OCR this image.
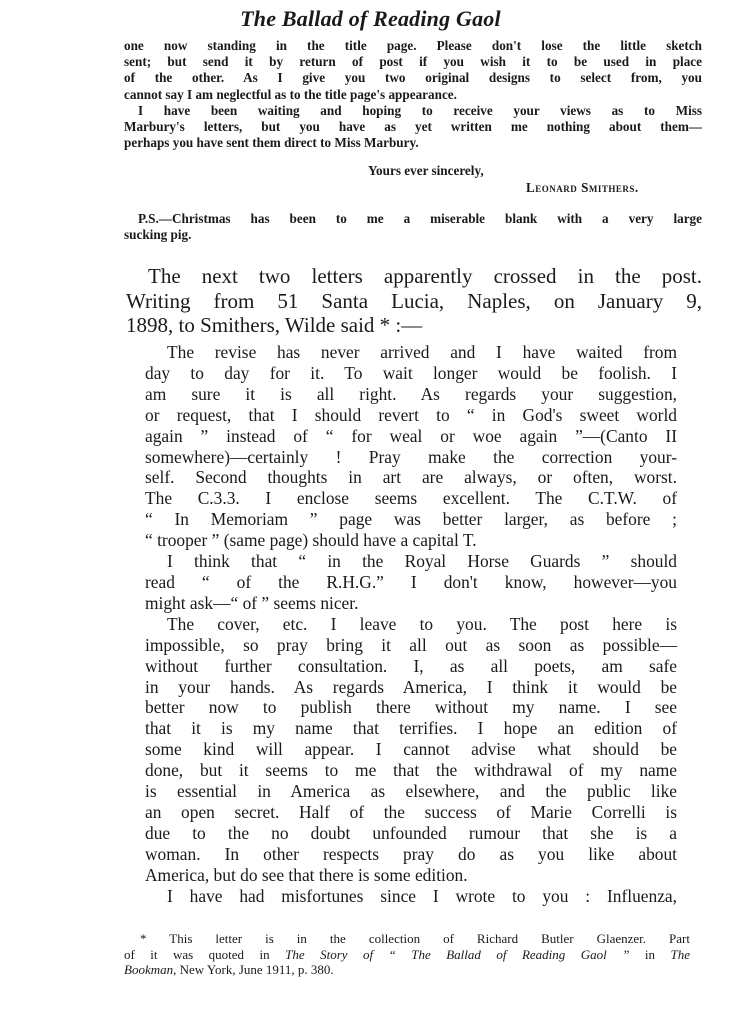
The Ballad of Reading Gaol
one now standing in the title page. Please don't lose the little sketch
sent; but send it by return of post if you wish it to be used in place
of the other. As I give you two original designs to select from, you
cannot say I am neglectful as to the title page's appearance.
I have been waiting and hoping to receive your views as to Miss
Marbury's letters, but you have as yet written me nothing about them—
perhaps you have sent them direct to Miss Marbury.
Yours ever sincerely,
Leonard Smithers.
P.S.—Christmas has been to me a miserable blank with a very large
sucking pig.
The next two letters apparently crossed in the post.
Writing from 51 Santa Lucia, Naples, on January 9,
1898, to Smithers, Wilde said * :—
The revise has never arrived and I have waited from
day to day for it. To wait longer would be foolish. I
am sure it is all right. As regards your suggestion,
or request, that I should revert to “ in God's sweet world
again ” instead of “ for weal or woe again ”—(Canto II
somewhere)—certainly ! Pray make the correction your-
self. Second thoughts in art are always, or often, worst.
The C.3.3. I enclose seems excellent. The C.T.W. of
“ In Memoriam ” page was better larger, as before ;
“ trooper ” (same page) should have a capital T.
I think that “ in the Royal Horse Guards ” should
read “ of the R.H.G.” I don't know, however—you
might ask—“ of ” seems nicer.
The cover, etc. I leave to you. The post here is
impossible, so pray bring it all out as soon as possible—
without further consultation. I, as all poets, am safe
in your hands. As regards America, I think it would be
better now to publish there without my name. I see
that it is my name that terrifies. I hope an edition of
some kind will appear. I cannot advise what should be
done, but it seems to me that the withdrawal of my name
is essential in America as elsewhere, and the public like
an open secret. Half of the success of Marie Correlli is
due to the no doubt unfounded rumour that she is a
woman. In other respects pray do as you like about
America, but do see that there is some edition.
I have had misfortunes since I wrote to you : Influenza,
* This letter is in the collection of Richard Butler Glaenzer. Part
of it was quoted in The Story of “ The Ballad of Reading Gaol ” in The
Bookman, New York, June 1911, p. 380.
